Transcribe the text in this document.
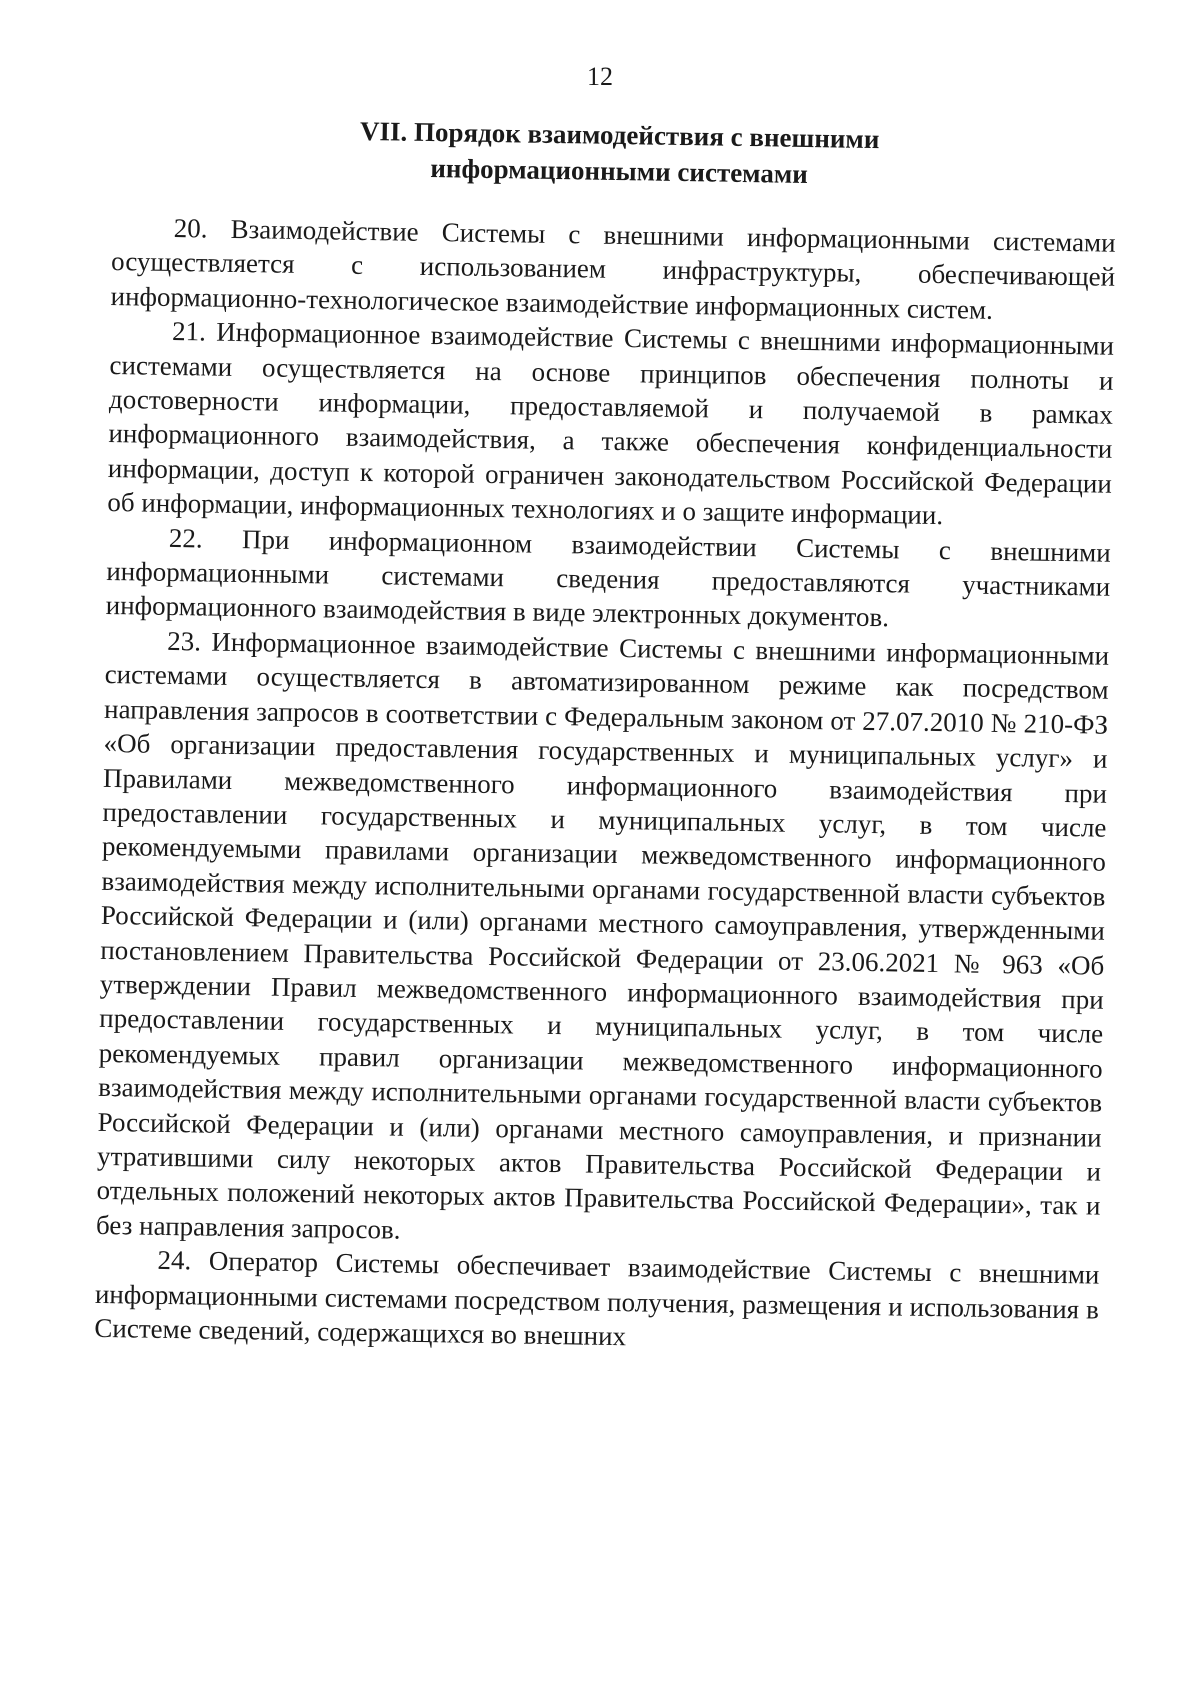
12
VII. Порядок взаимодействия с внешними информационными системами

20. Взаимодействие Системы с внешними информационными системами осуществляется с использованием инфраструктуры, обеспечивающей информационно-технологическое взаимодействие информационных систем.

21. Информационное взаимодействие Системы с внешними информационными системами осуществляется на основе принципов обеспечения полноты и достоверности информации, предоставляемой и получаемой в рамках информационного взаимодействия, а также обеспечения конфиденциальности информации, доступ к которой ограничен законодательством Российской Федерации об информации, информационных технологиях и о защите информации.

22. При информационном взаимодействии Системы с внешними информационными системами сведения предоставляются участниками информационного взаимодействия в виде электронных документов.

23. Информационное взаимодействие Системы с внешними информационными системами осуществляется в автоматизированном режиме как посредством направления запросов в соответствии с Федеральным законом от 27.07.2010 № 210-ФЗ «Об организации предоставления государственных и муниципальных услуг» и Правилами межведомственного информационного взаимодействия при предоставлении государственных и муниципальных услуг, в том числе рекомендуемыми правилами организации межведомственного информационного взаимодействия между исполнительными органами государственной власти субъектов Российской Федерации и (или) органами местного самоуправления, утвержденными постановлением Правительства Российской Федерации от 23.06.2021 № 963 «Об утверждении Правил межведомственного информационного взаимодействия при предоставлении государственных и муниципальных услуг, в том числе рекомендуемых правил организации межведомственного информационного взаимодействия между исполнительными органами государственной власти субъектов Российской Федерации и (или) органами местного самоуправления, и признании утратившими силу некоторых актов Правительства Российской Федерации и отдельных положений некоторых актов Правительства Российской Федерации», так и без направления запросов.

24. Оператор Системы обеспечивает взаимодействие Системы с внешними информационными системами посредством получения, размещения и использования в Системе сведений, содержащихся во внешних
